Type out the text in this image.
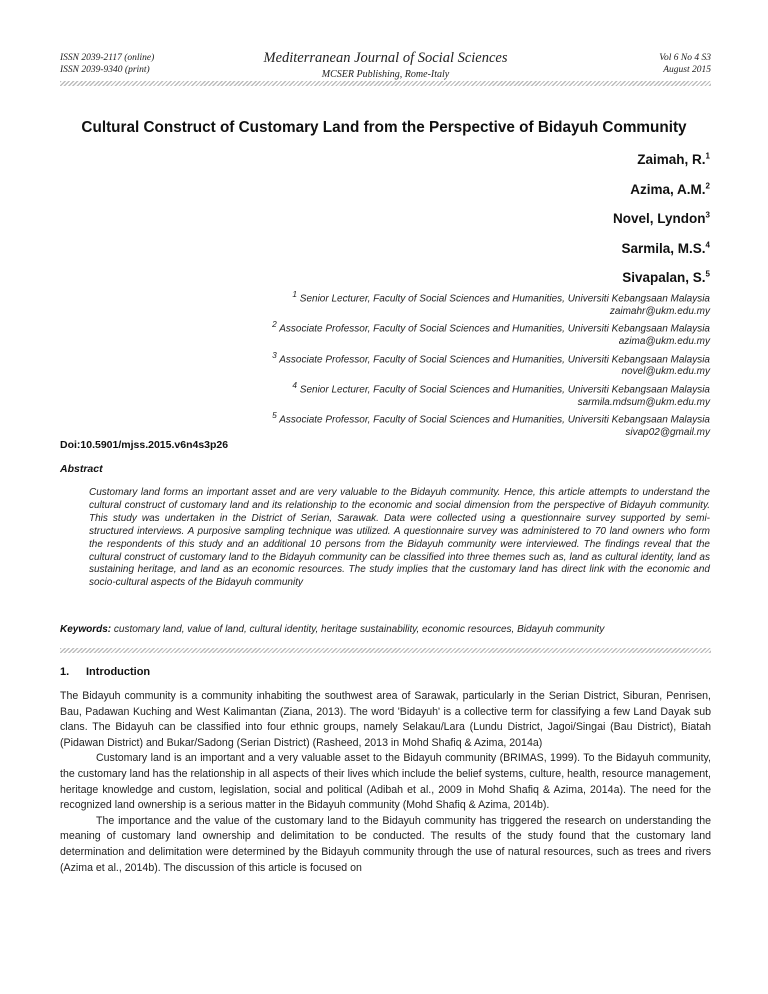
ISSN 2039-2117 (online)
ISSN 2039-9340 (print)
Mediterranean Journal of Social Sciences
MCSER Publishing, Rome-Italy
Vol 6 No 4 S3
August 2015
Cultural Construct of Customary Land from the Perspective of Bidayuh Community
Zaimah, R.$^1$
Azima, A.M.$^2$
Novel, Lyndon$^3$
Sarmila, M.S.$^4$
Sivapalan, S.$^5$

$^1$ Senior Lecturer, Faculty of Social Sciences and Humanities, Universiti Kebangsaan Malaysia

zaimahr@ukm.edu.my

$^2$ Associate Professor, Faculty of Social Sciences and Humanities, Universiti Kebangsaan Malaysia

azima@ukm.edu.my

$^3$ Associate Professor, Faculty of Social Sciences and Humanities, Universiti Kebangsaan Malaysia

novel@ukm.edu.my

$^4$ Senior Lecturer, Faculty of Social Sciences and Humanities, Universiti Kebangsaan Malaysia

sarmila.mdsum@ukm.edu.my

$^5$ Associate Professor, Faculty of Social Sciences and Humanities, Universiti Kebangsaan Malaysia

sivap02@gmail.my

Doi:10.5901/mjss.2015.v6n4s3p26
Abstract
Customary land forms an important asset and are very valuable to the Bidayuh community. Hence, this article attempts to understand the cultural construct of customary land and its relationship to the economic and social dimension from the perspective of Bidayuh community. This study was undertaken in the District of Serian, Sarawak. Data were collected using a questionnaire survey supported by semi-structured interviews. A purposive sampling technique was utilized. A questionnaire survey was administered to 70 land owners who form the respondents of this study and an additional 10 persons from the Bidayuh community were interviewed. The findings reveal that the cultural construct of customary land to the Bidayuh community can be classified into three themes such as, land as cultural identity, land as sustaining heritage, and land as an economic resources. The study implies that the customary land has direct link with the economic and socio-cultural aspects of the Bidayuh community
Keywords: customary land, value of land, cultural identity, heritage sustainability, economic resources, Bidayuh community
1. Introduction

The Bidayuh community is a community inhabiting the southwest area of Sarawak, particularly in the Serian District, Siburan, Penrisen, Bau, Padawan Kuching and West Kalimantan (Ziana, 2013). The word 'Bidayuh' is a collective term for classifying a few Land Dayak sub clans. The Bidayuh can be classified into four ethnic groups, namely Selakau/Lara (Lundu District, Jagoi/Singai (Bau District), Biatah (Pidawan District) and Bukar/Sadong (Serian District) (Rasheed, 2013 in Mohd Shafiq & Azima, 2014a)

Customary land is an important and a very valuable asset to the Bidayuh community (BRIMAS, 1999). To the Bidayuh community, the customary land has the relationship in all aspects of their lives which include the belief systems, culture, health, resource management, heritage knowledge and custom, legislation, social and political (Adibah et al., 2009 in Mohd Shafiq & Azima, 2014a). The need for the recognized land ownership is a serious matter in the Bidayuh community (Mohd Shafiq & Azima, 2014b).

The importance and the value of the customary land to the Bidayuh community has triggered the research on understanding the meaning of customary land ownership and delimitation to be conducted. The results of the study found that the customary land determination and delimitation were determined by the Bidayuh community through the use of natural resources, such as trees and rivers (Azima et al., 2014b). The discussion of this article is focused on
